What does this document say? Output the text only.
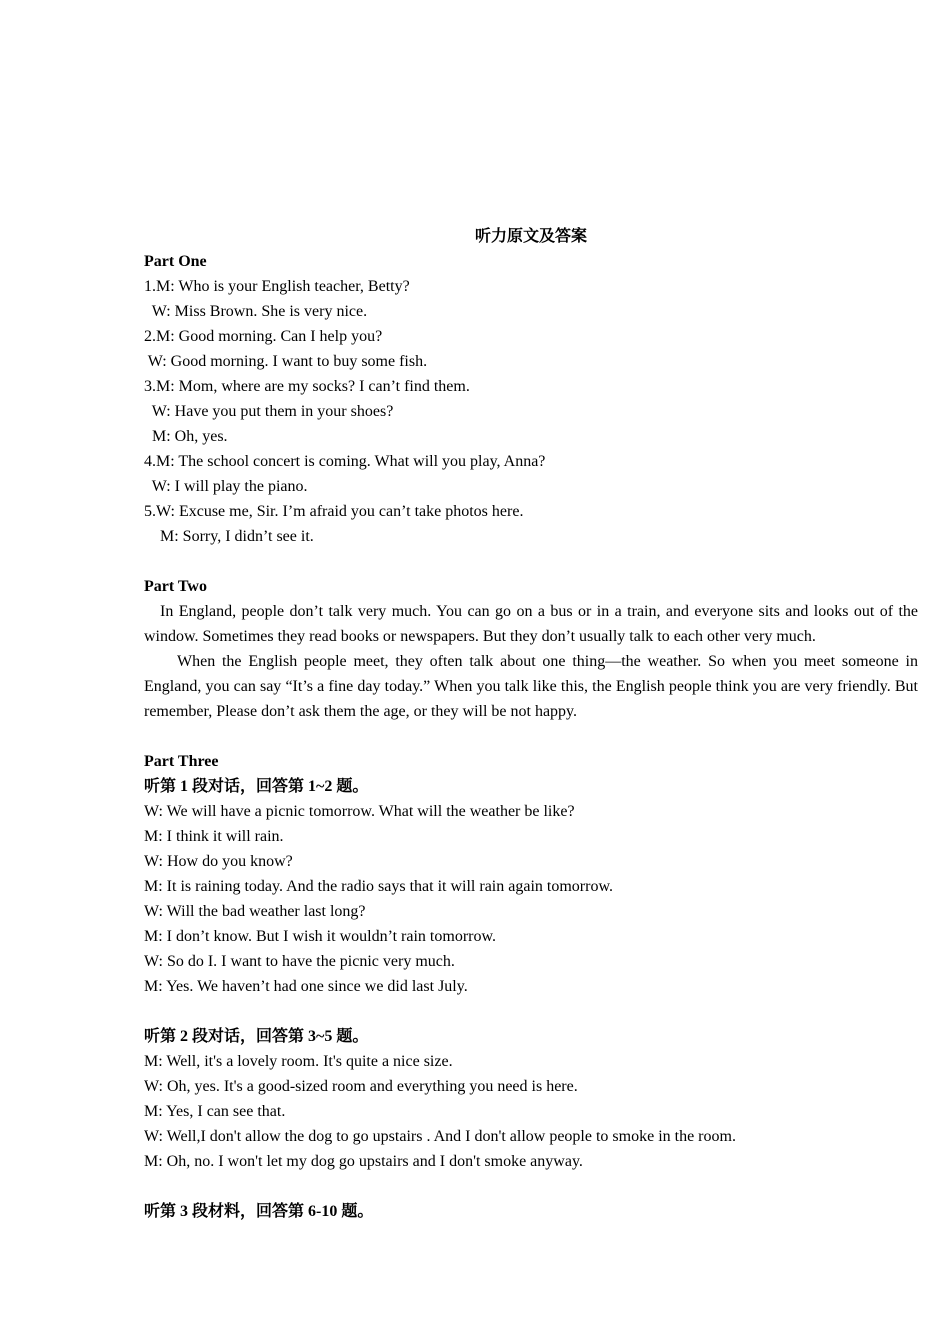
听力原文及答案
Part One
1.M: Who is your English teacher, Betty?
W: Miss Brown. She is very nice.
2.M: Good morning. Can I help you?
W: Good morning. I want to buy some fish.
3.M: Mom, where are my socks? I can’t find them.
W: Have you put them in your shoes?
M: Oh, yes.
4.M: The school concert is coming. What will you play, Anna?
W: I will play the piano.
5.W: Excuse me, Sir. I’m afraid you can’t take photos here.
M: Sorry, I didn’t see it.
Part Two
In England, people don’t talk very much. You can go on a bus or in a train, and everyone sits and looks out of the window. Sometimes they read books or newspapers. But they don’t usually talk to each other very much.
When the English people meet, they often talk about one thing—the weather. So when you meet someone in England, you can say “It’s a fine day today.” When you talk like this, the English people think you are very friendly. But remember, Please don’t ask them the age, or they will be not happy.
Part Three
听第 1 段对话，回答第 1~2 题。
W: We will have a picnic tomorrow. What will the weather be like?
M: I think it will rain.
W: How do you know?
M: It is raining today. And the radio says that it will rain again tomorrow.
W: Will the bad weather last long?
M: I don’t know. But I wish it wouldn’t rain tomorrow.
W: So do I. I want to have the picnic very much.
M: Yes. We haven’t had one since we did last July.
听第 2 段对话，回答第 3~5 题。
M: Well, it's a lovely room. It's quite a nice size.
W: Oh, yes. It's a good-sized room and everything you need is here.
M: Yes, I can see that.
W: Well,I don't allow the dog to go upstairs . And I don't allow people to smoke in the room.
M: Oh, no. I won't let my dog go upstairs and I don't smoke anyway.
听第 3 段材料，回答第 6-10 题。
